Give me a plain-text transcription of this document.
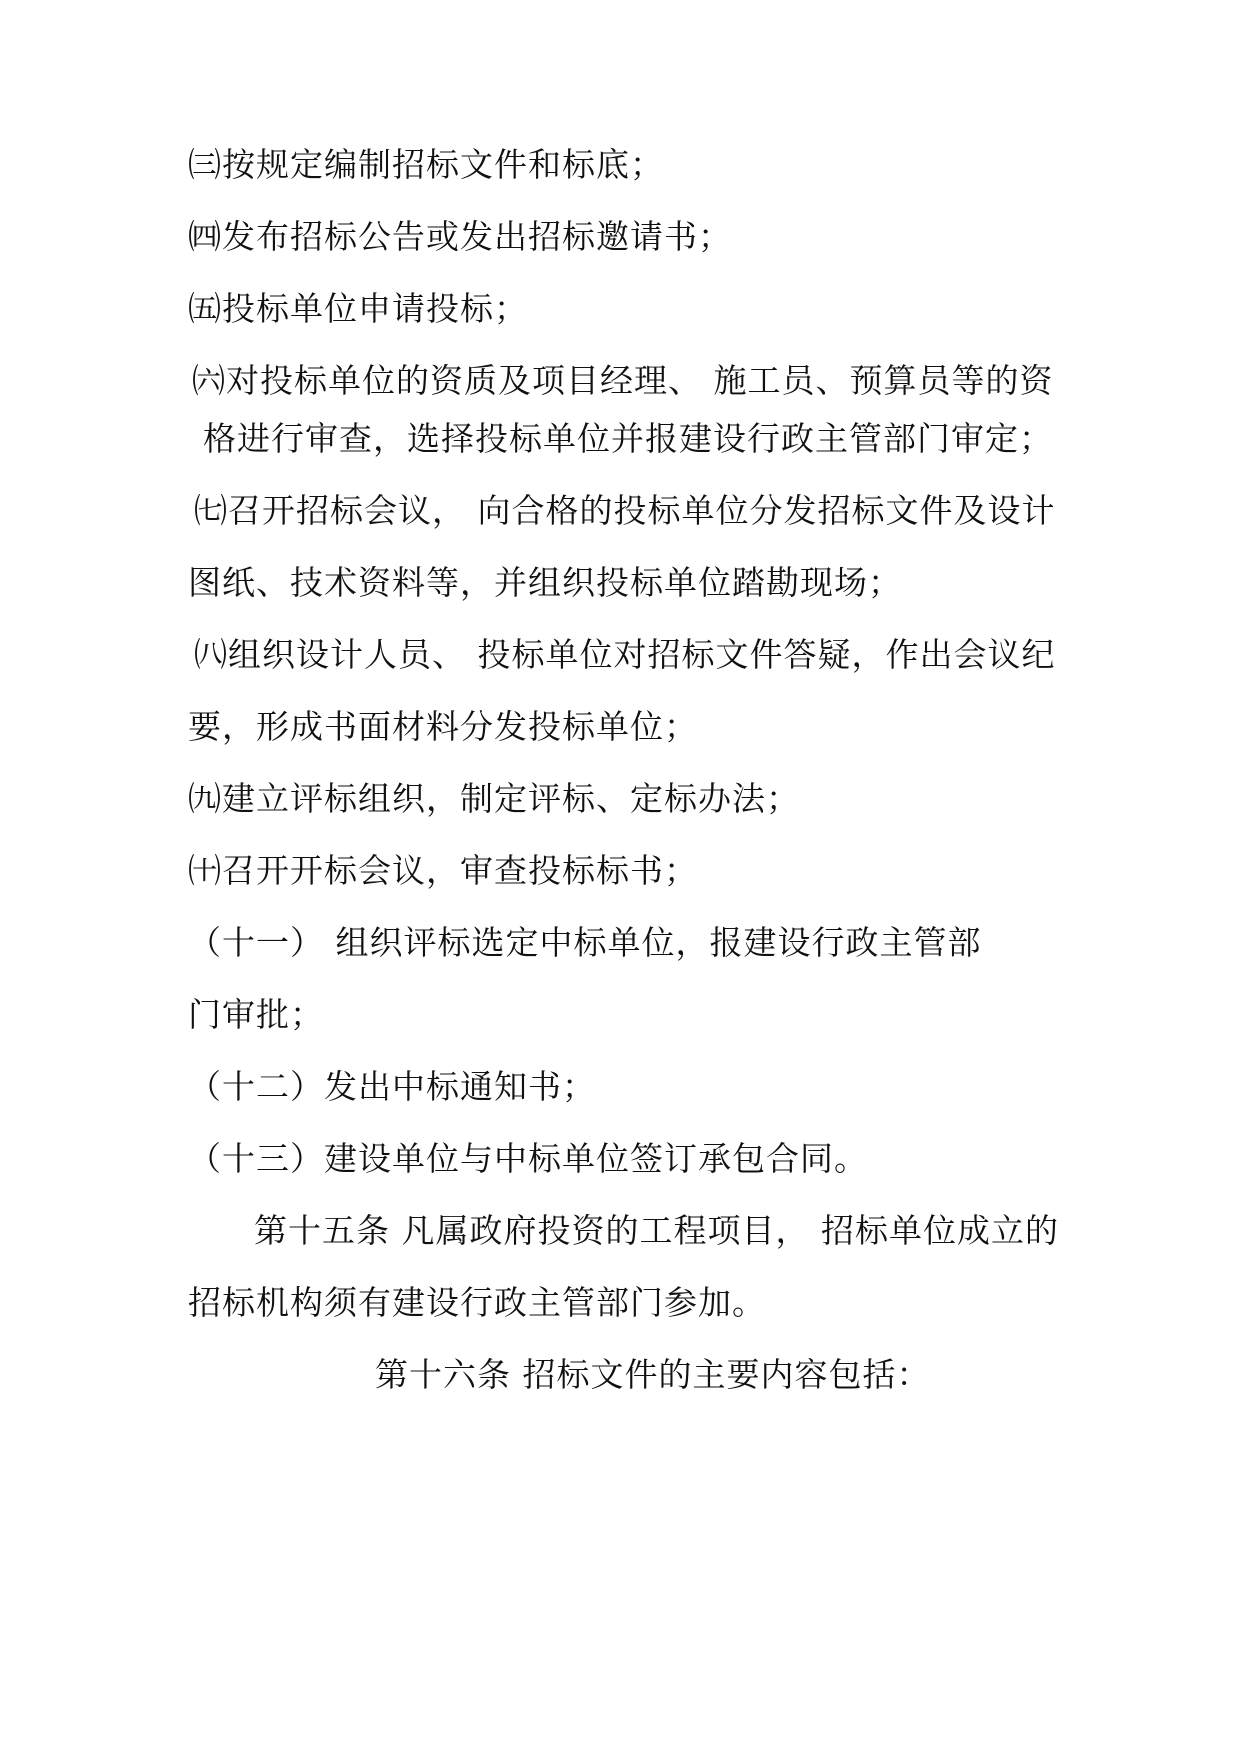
㈢按规定编制招标文件和标底；
㈣发布招标公告或发出招标邀请书；
㈤投标单位申请投标；
㈥对投标单位的资质及项目经理、 施工员、预算员等的资
格进行审查，选择投标单位并报建设行政主管部门审定；
㈦召开招标会议， 向合格的投标单位分发招标文件及设计
图纸、技术资料等，并组织投标单位踏勘现场；
㈧组织设计人员、 投标单位对招标文件答疑，作出会议纪
要，形成书面材料分发投标单位；
㈨建立评标组织，制定评标、定标办法；
㈩召开开标会议，审查投标标书；
（十一） 组织评标选定中标单位，报建设行政主管部
门审批；
（十二）发出中标通知书；
（十三）建设单位与中标单位签订承包合同。
第十五条 凡属政府投资的工程项目， 招标单位成立的
招标机构须有建设行政主管部门参加。
第十六条 招标文件的主要内容包括：
